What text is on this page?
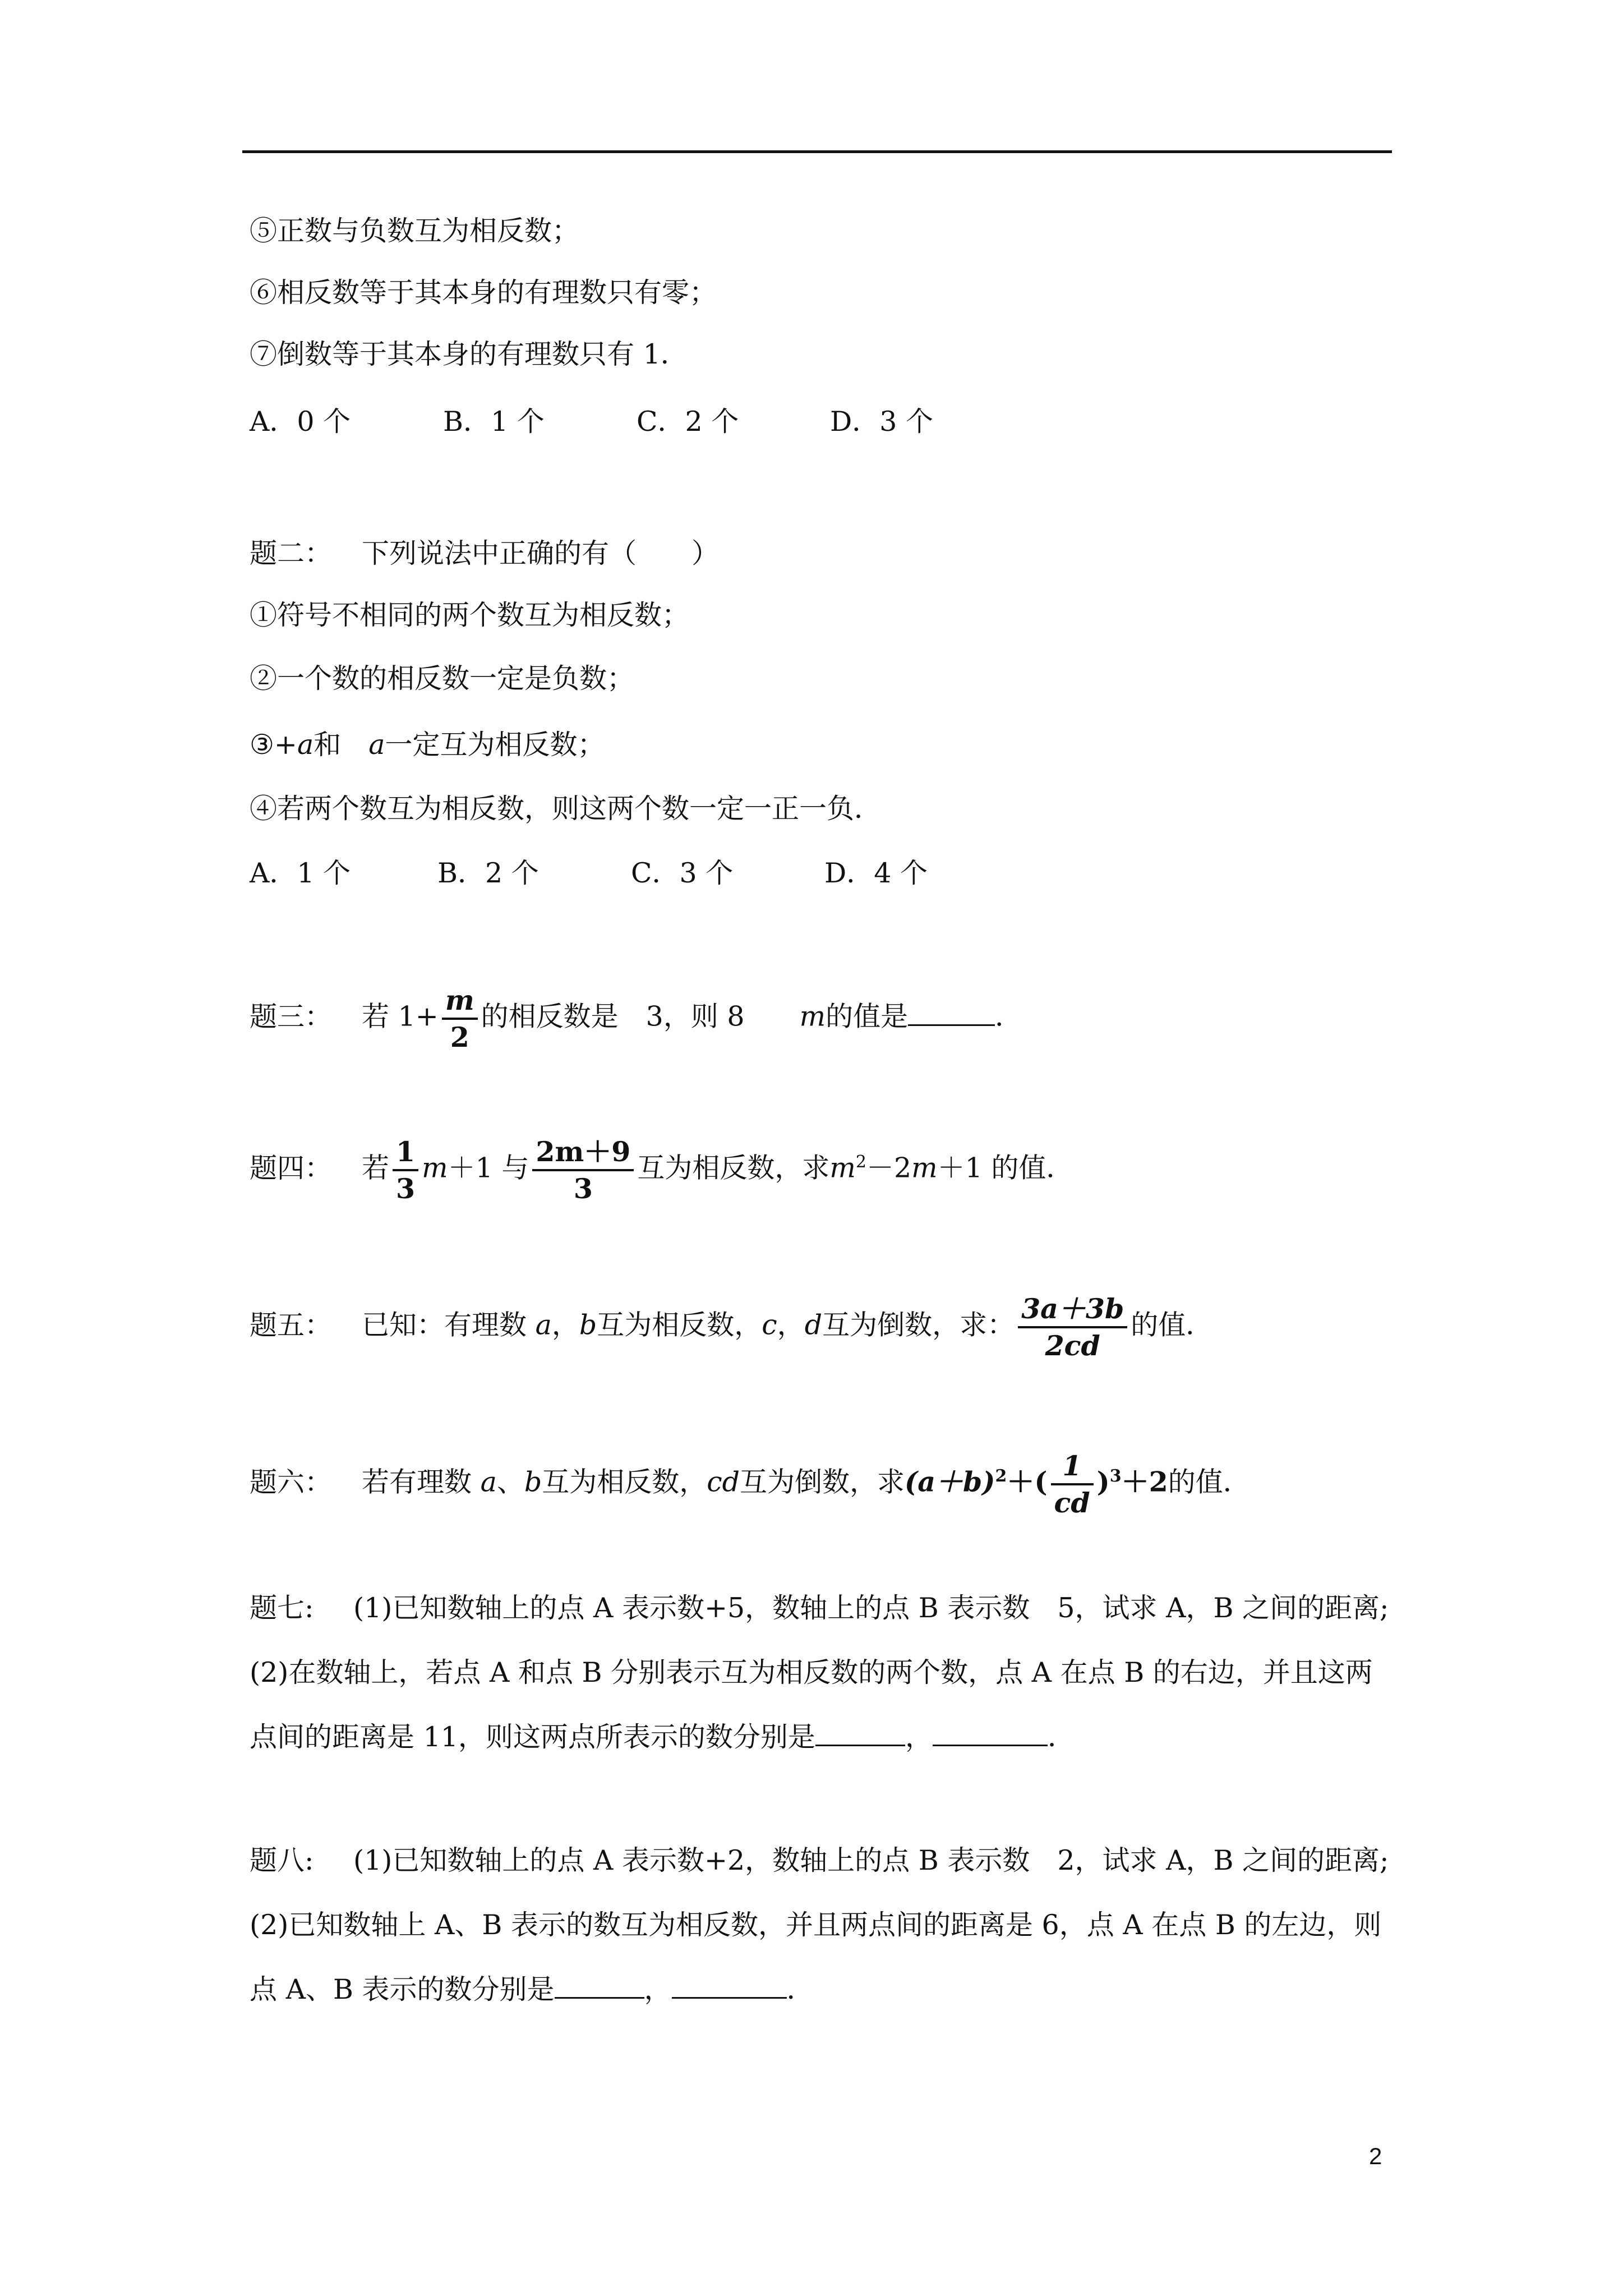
⑤正数与负数互为相反数；
⑥相反数等于其本身的有理数只有零；
⑦倒数等于其本身的有理数只有 1．
A．0 个	B．1 个	C．2 个	D．3 个
题二： 下列说法中正确的有（　　）
①符号不相同的两个数互为相反数；
②一个数的相反数一定是负数；
③+a和　a一定互为相反数；
④若两个数互为相反数，则这两个数一定一正一负．
A．1 个	B．2 个	C．3 个	D．4 个
题三： 若 $1+ \frac{m}{2}$ 的相反数是　3，则 8　　m的值是	．
题四： 若 $\frac{1}{3} m+1$ 与 $\frac{2m+9}{3}$ 互为相反数，求$m^2-2m+1$ 的值．
题五： 已知：有理数 a，b互为相反数，c，d互为倒数，求： $\frac{3a+3b}{2cd}$ 的值．
题六： 若有理数 a、b互为相反数，cd互为倒数，求$(a+b)^2+( \frac{1}{cd} )^3+2$的值．
题七: (1)已知数轴上的点 A 表示数+5，数轴上的点 B 表示数　5，试求 A，B 之间的距离;
(2)在数轴上，若点 A 和点 B 分别表示互为相反数的两个数，点 A 在点 B 的右边，并且这两
点间的距离是 11，则这两点所表示的数分别是	，	．
题八: (1)已知数轴上的点 A 表示数+2，数轴上的点 B 表示数　2，试求 A，B 之间的距离;
(2)已知数轴上 A、B 表示的数互为相反数，并且两点间的距离是 6，点 A 在点 B 的左边，则
点 A、B 表示的数分别是	，	．
2
